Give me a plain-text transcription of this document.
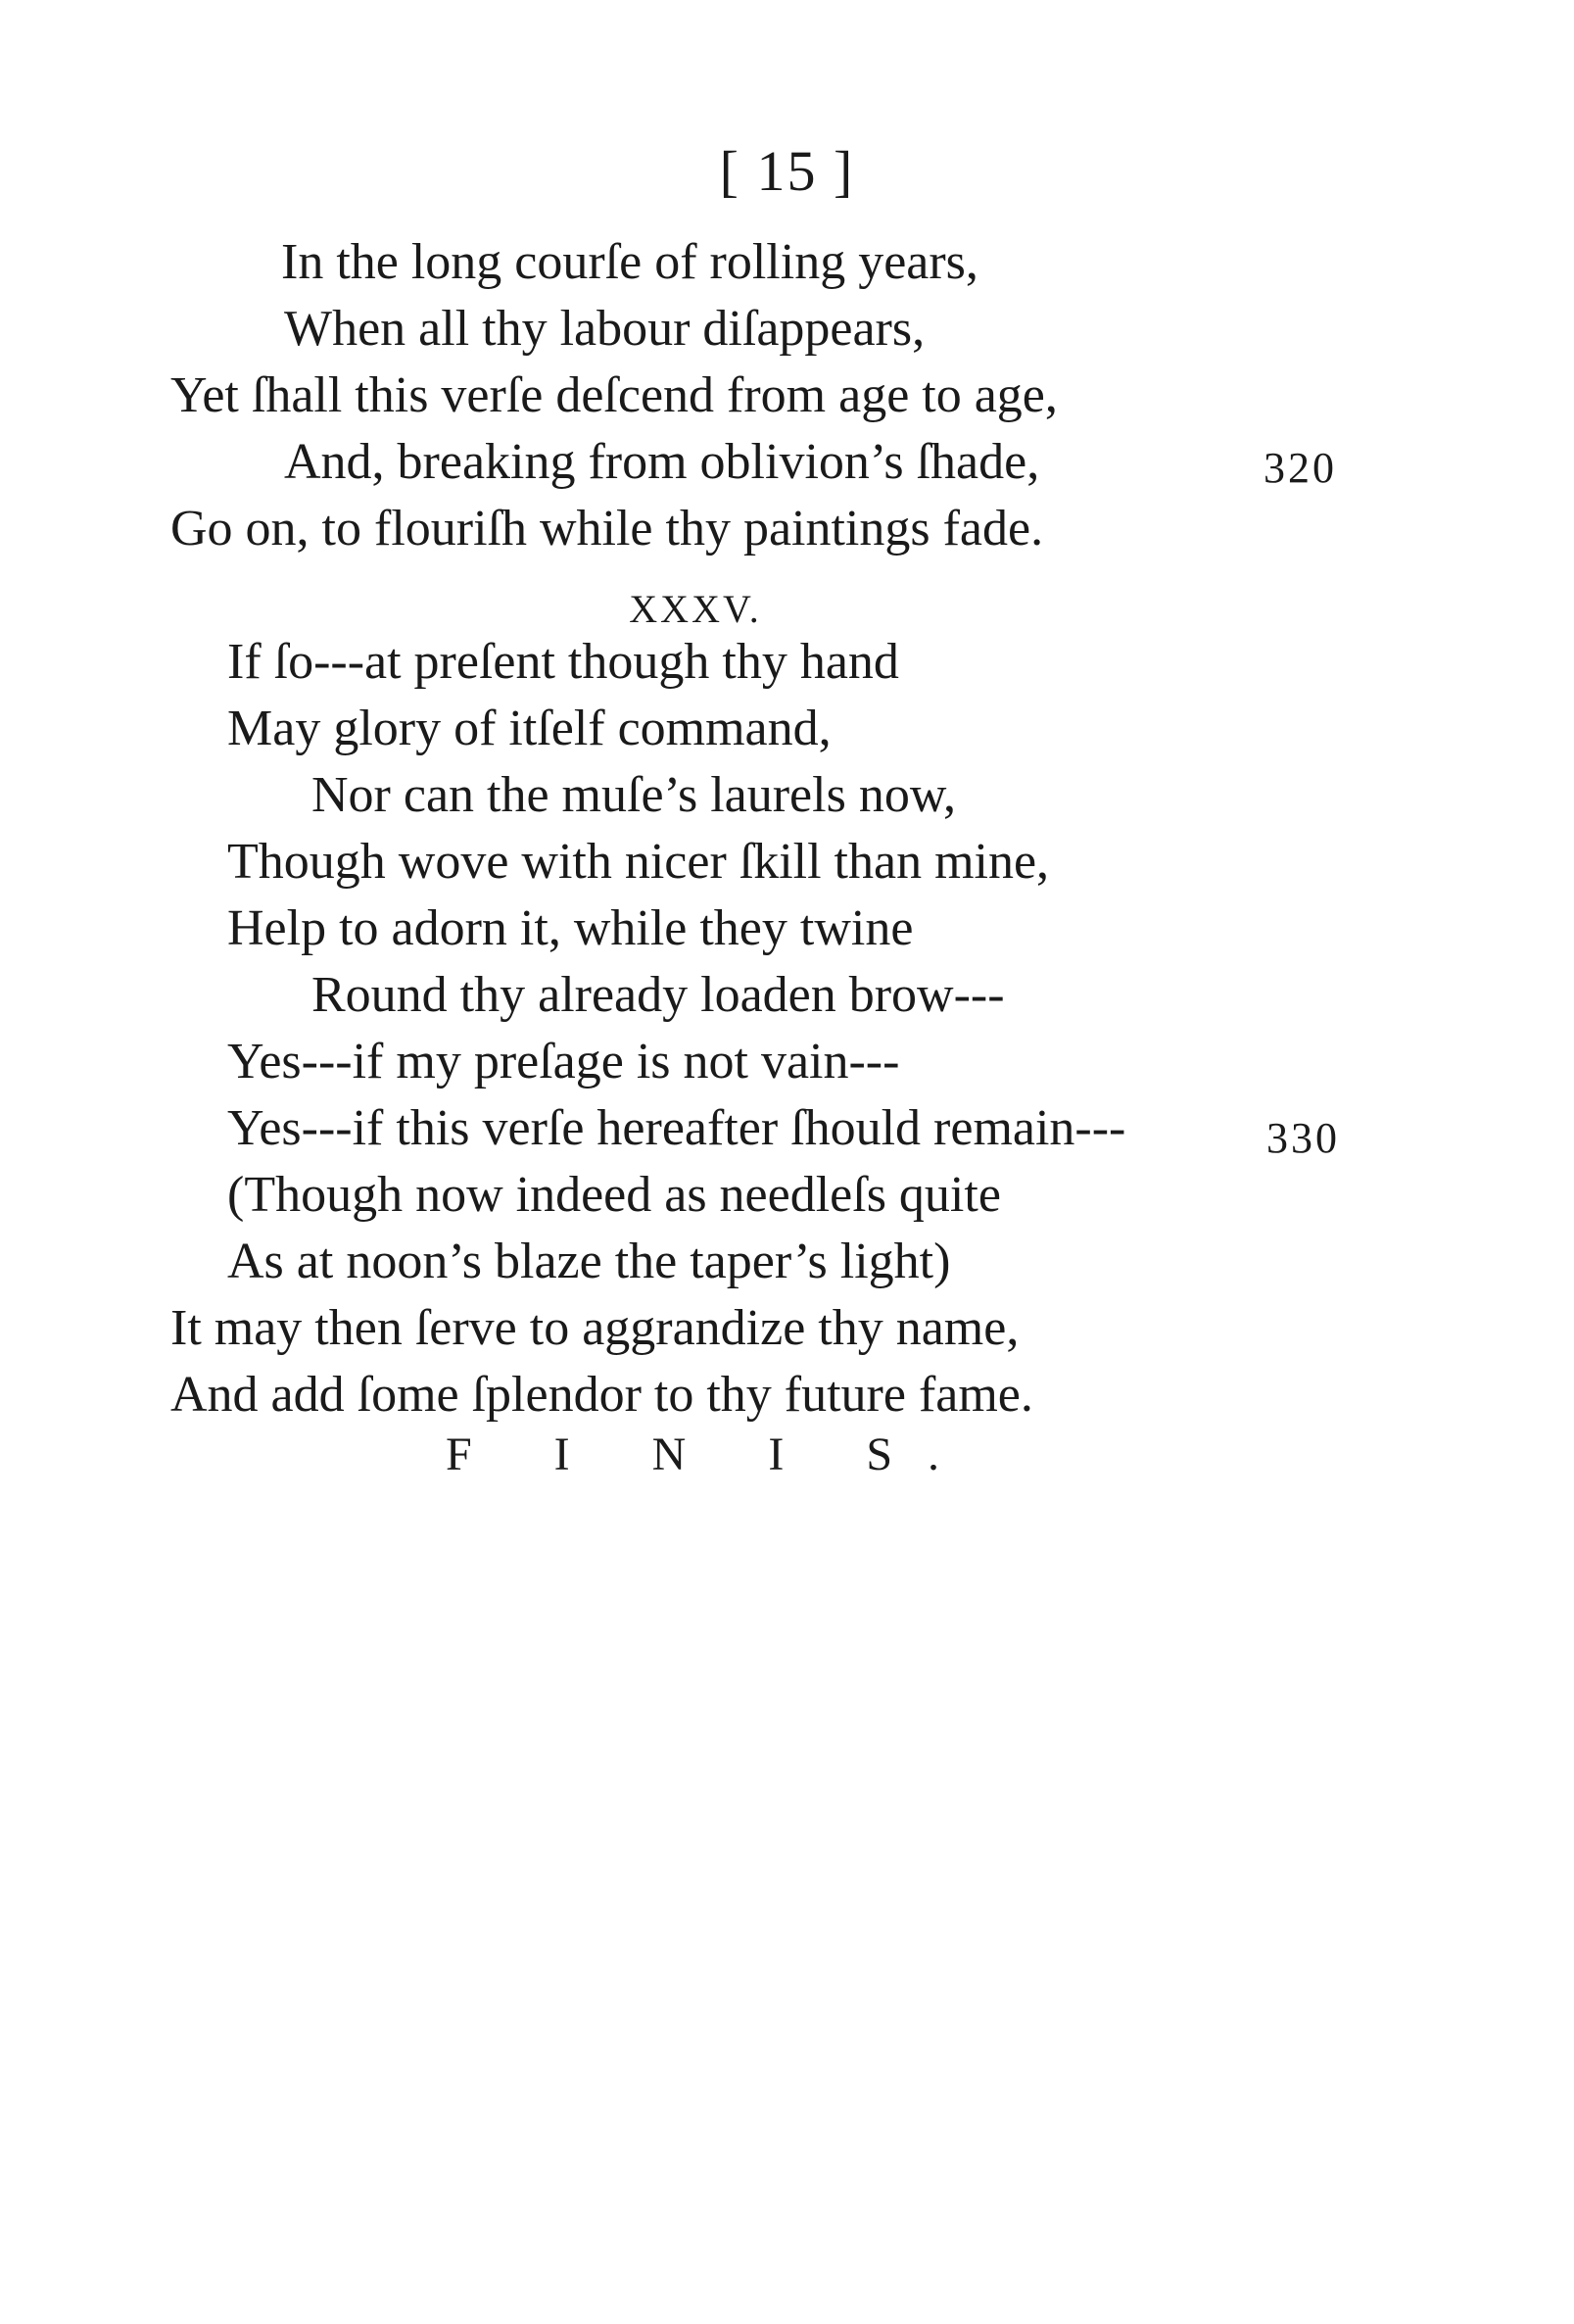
[ 15 ]
In the long courſe of rolling years,
When all thy labour diſappears,
Yet ſhall this verſe deſcend from age to age,
And, breaking from oblivion’s ſhade,	320
Go on, to flouriſh while thy paintings fade.
XXXV.
If ſo---at preſent though thy hand
May glory of itſelf command,
Nor can the muſe’s laurels now,
Though wove with nicer ſkill than mine,
Help to adorn it, while they twine
Round thy already loaden brow---
Yes---if my preſage is not vain---
Yes---if this verſe hereafter ſhould remain---	330
(Though now indeed as needleſs quite
As at noon’s blaze the taper’s light)
It may then ſerve to aggrandize thy name,
And add ſome ſplendor to thy future fame.
F I N I S.
